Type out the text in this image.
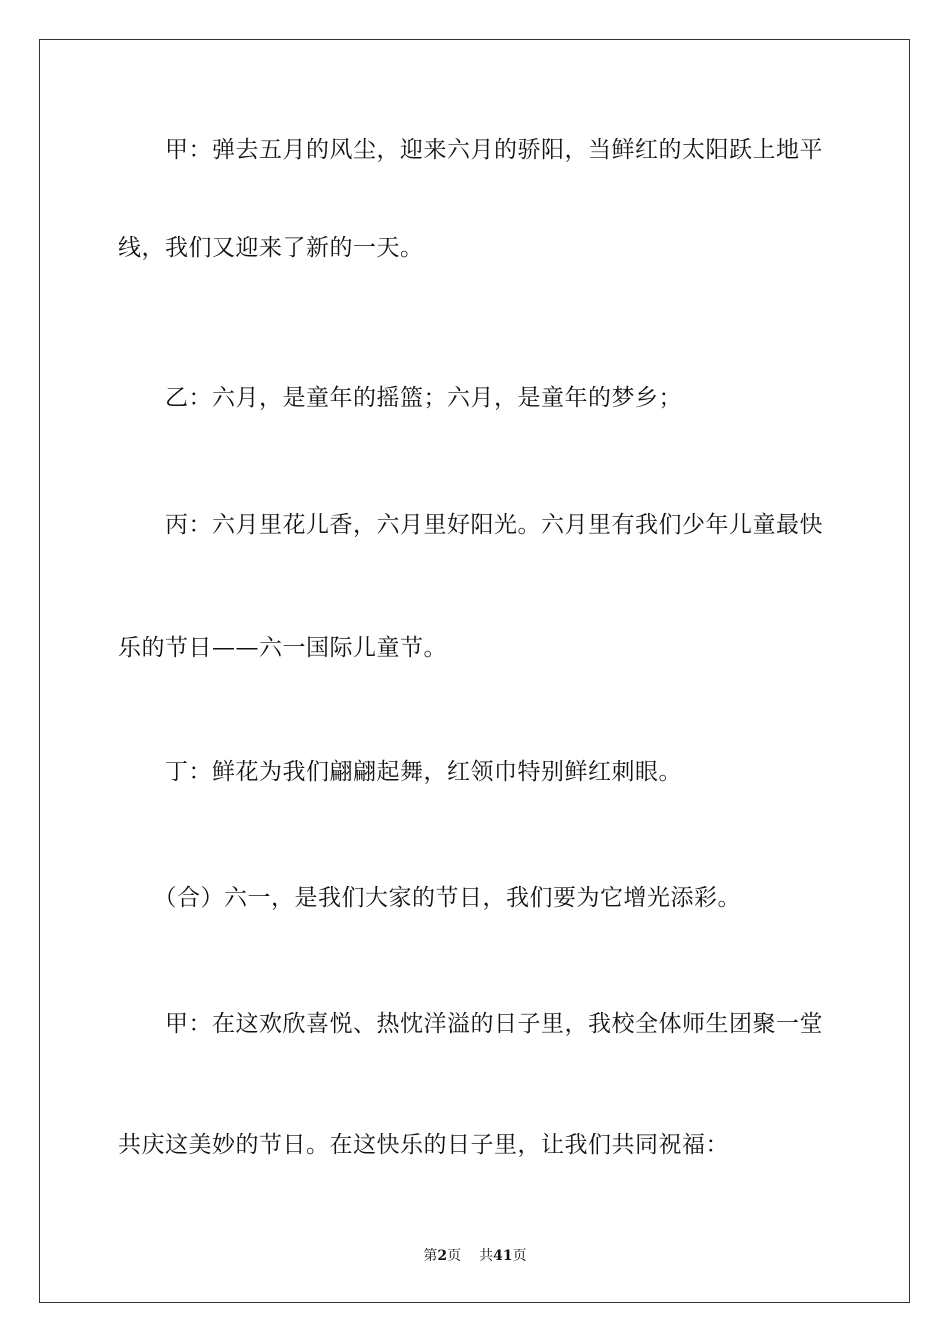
　　甲：弹去五月的风尘，迎来六月的骄阳，当鲜红的太阳跃上地平
线，我们又迎来了新的一天。
　　乙：六月，是童年的摇篮；六月，是童年的梦乡；
　　丙：六月里花儿香，六月里好阳光。六月里有我们少年儿童最快
乐的节日——六一国际儿童节。
　　丁：鲜花为我们翩翩起舞，红领巾特别鲜红刺眼。
　　（合）六一，是我们大家的节日，我们要为它增光添彩。
　　甲：在这欢欣喜悦、热忱洋溢的日子里，我校全体师生团聚一堂
共庆这美妙的节日。在这快乐的日子里，让我们共同祝福：
第2页 共41页
